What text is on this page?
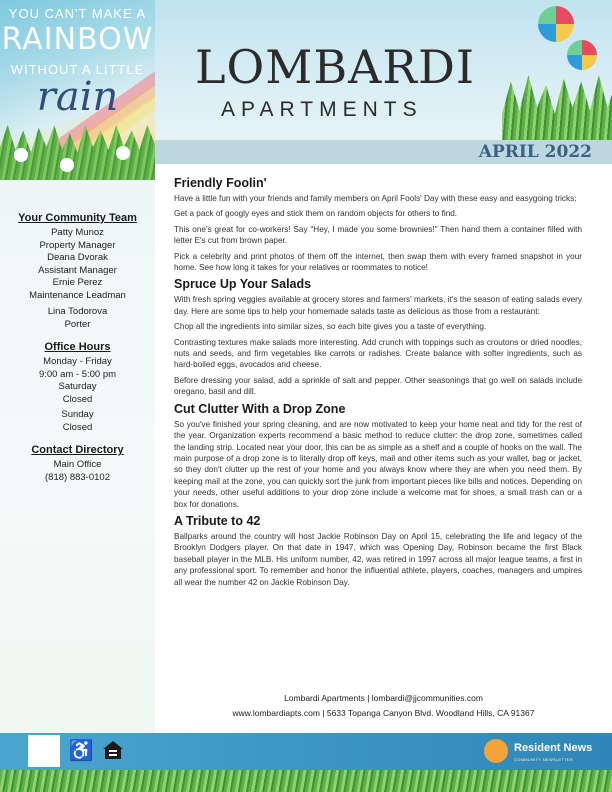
YOU CAN'T MAKE A
RAINBOW
WITHOUT A LITTLE
rain

Your Community Team

Patty Munoz

Property Manager

Deana Dvorak

Assistant Manager

Ernie Perez

Maintenance Leadman

Lina Todorova

Porter

Office Hours

Monday - Friday

9:00 am - 5:00 pm

Saturday

Closed

Sunday

Closed

Contact Directory

Main Office

(818) 883-0102

LOMBARDI
APARTMENTS
APRIL 2022
Friendly Foolin'

Have a little fun with your friends and family members on April Fools' Day with these easy and easygoing tricks:

Get a pack of googly eyes and stick them on random objects for others to find.

This one's great for co-workers! Say "Hey, I made you some brownies!" Then hand them a container filled with letter E's cut from brown paper.

Pick a celebrity and print photos of them off the internet, then swap them with every framed snapshot in your home. See how long it takes for your relatives or roommates to notice!

Spruce Up Your Salads

With fresh spring veggies available at grocery stores and farmers' markets, it's the season of eating salads every day. Here are some tips to help your homemade salads taste as delicious as those from a restaurant:

Chop all the ingredients into similar sizes, so each bite gives you a taste of everything.

Contrasting textures make salads more interesting. Add crunch with toppings such as croutons or dried noodles, nuts and seeds, and firm vegetables like carrots or radishes. Create balance with softer ingredients, such as hard-boiled eggs, avocados and cheese.

Before dressing your salad, add a sprinkle of salt and pepper. Other seasonings that go well on salads include oregano, basil and dill.

Cut Clutter With a Drop Zone

So you've finished your spring cleaning, and are now motivated to keep your home neat and tidy for the rest of the year. Organization experts recommend a basic method to reduce clutter: the drop zone, sometimes called the landing strip. Located near your door, this can be as simple as a shelf and a couple of hooks on the wall. The main purpose of a drop zone is to literally drop off keys, mail and other items such as your wallet, bag or jacket, so they don't clutter up the rest of your home and you always know where they are when you need them. By keeping mail at the zone, you can quickly sort the junk from important pieces like bills and notices. Depending on your needs, other useful additions to your drop zone include a welcome mat for shoes, a small trash can or a box for donations.

A Tribute to 42

Ballparks around the country will host Jackie Robinson Day on April 15, celebrating the life and legacy of the Brooklyn Dodgers player. On that date in 1947, which was Opening Day, Robinson became the first Black baseball player in the MLB. His uniform number, 42, was retired in 1997 across all major league teams, a first in any professional sport. To remember and honor the influential athlete, players, coaches, managers and umpires all wear the number 42 on Jackie Robinson Day.

Lombardi Apartments | lombardi@jjcommunities.com
www.lombardiapts.com | 5633 Topanga Canyon Blvd. Woodland Hills, CA 91367
♿	Resident News
COMMUNITY NEWSLETTER
